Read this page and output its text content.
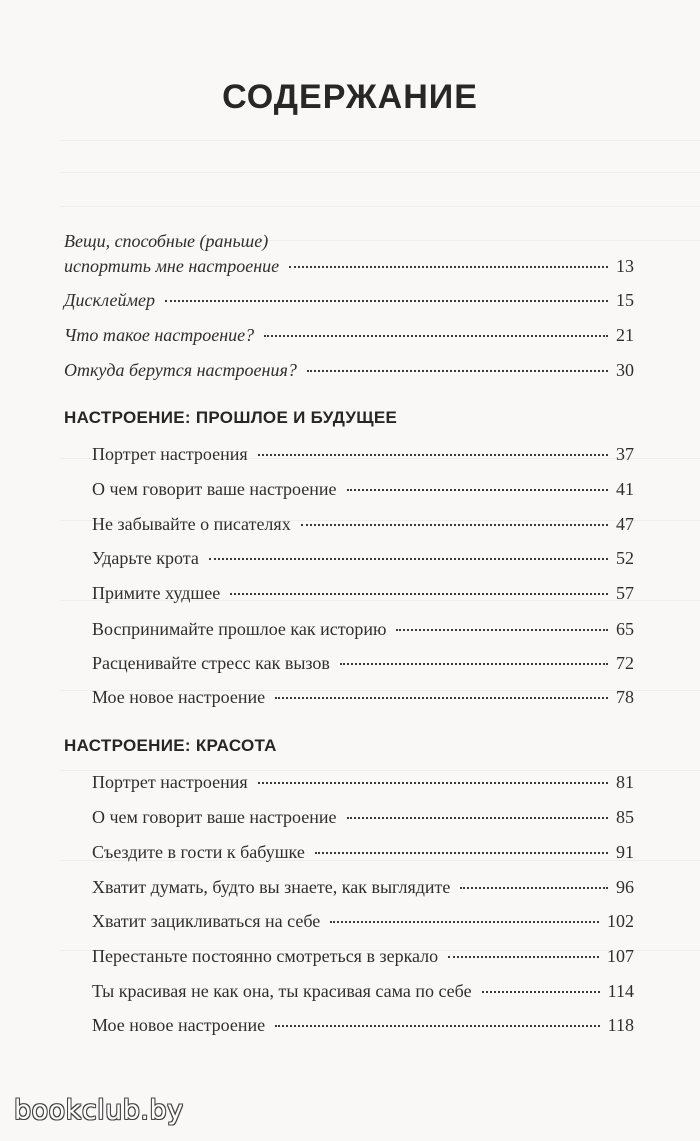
СОДЕРЖАНИЕ
Вещи, способные (раньше)
испортить мне настроение	13
Дисклеймер	15
Что такое настроение?	21
Откуда берутся настроения?	30
НАСТРОЕНИЕ: ПРОШЛОЕ И БУДУЩЕЕ
Портрет настроения	37
О чем говорит ваше настроение	41
Не забывайте о писателях	47
Ударьте крота	52
Примите худшее	57
Воспринимайте прошлое как историю	65
Расценивайте стресс как вызов	72
Мое новое настроение	78
НАСТРОЕНИЕ: КРАСОТА
Портрет настроения	81
О чем говорит ваше настроение	85
Съездите в гости к бабушке	91
Хватит думать, будто вы знаете, как выглядите	96
Хватит зацикливаться на себе	102
Перестаньте постоянно смотреться в зеркало	107
Ты красивая не как она, ты красивая сама по себе	114
Мое новое настроение	118
bookclub.by
